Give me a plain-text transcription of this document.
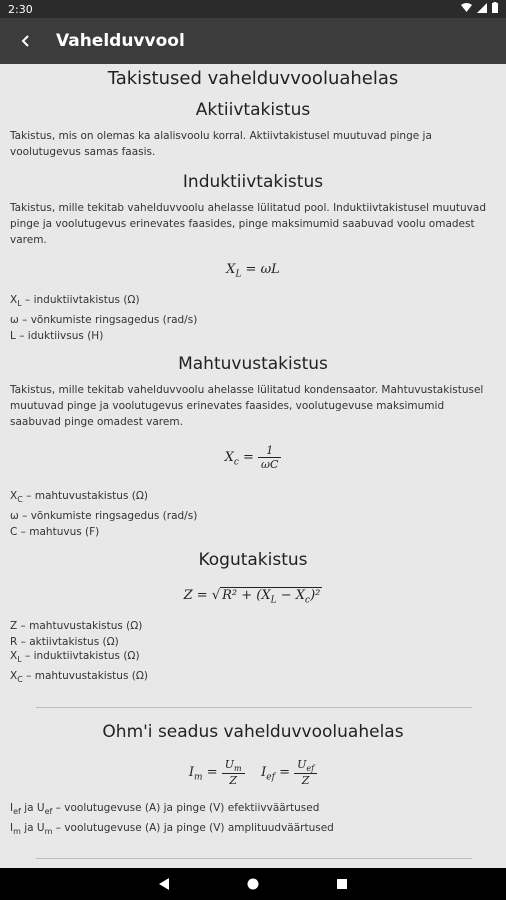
2:30
Vahelduvvool
Takistused vahelduvvooluahelas
Aktiivtakistus
Takistus, mis on olemas ka alalisvoolu korral. Aktiivtakistusel muutuvad pinge ja voolutugevus samas faasis.
Induktiivtakistus
Takistus, mille tekitab vahelduvvoolu ahelasse lülitatud pool. Induktiivtakistusel muutuvad pinge ja voolutugevus erinevates faasides, pinge maksimumid saabuvad voolu omadest varem.
$X_L = \omega L$
$X_L$ – induktiivtakistus (Ω)
ω – võnkumiste ringsagedus (rad/s)
L – iduktiivsus (H)
Mahtuvustakistus
Takistus, mille tekitab vahelduvvoolu ahelasse lülitatud kondensaator. Mahtuvustakistusel muutuvad pinge ja voolutugevus erinevates faasides, voolutugevuse maksimumid saabuvad pinge omadest varem.
$X_c = \frac{1}{\omega C}$
$X_C$ – mahtuvustakistus (Ω)
ω – võnkumiste ringsagedus (rad/s)
C – mahtuvus (F)
Kogutakistus
Z = √ $R^2 + (X_L - X_c)^2$
Z – mahtuvustakistus (Ω)
R – aktiivtakistus (Ω)
$X_L$ – induktiivtakistus (Ω)
$X_C$ – mahtuvustakistus (Ω)
Ohm'i seadus vahelduvvooluahelas
$I_m = \frac{U_m}{Z} I_{ef} = \frac{U_{ef}}{Z}$
$I_{ef}$ ja $U_{ef}$ – voolutugevuse (A) ja pinge (V) efektiivväärtused
$I_m$ ja $U_m$ – voolutugevuse (A) ja pinge (V) amplituudväärtused
